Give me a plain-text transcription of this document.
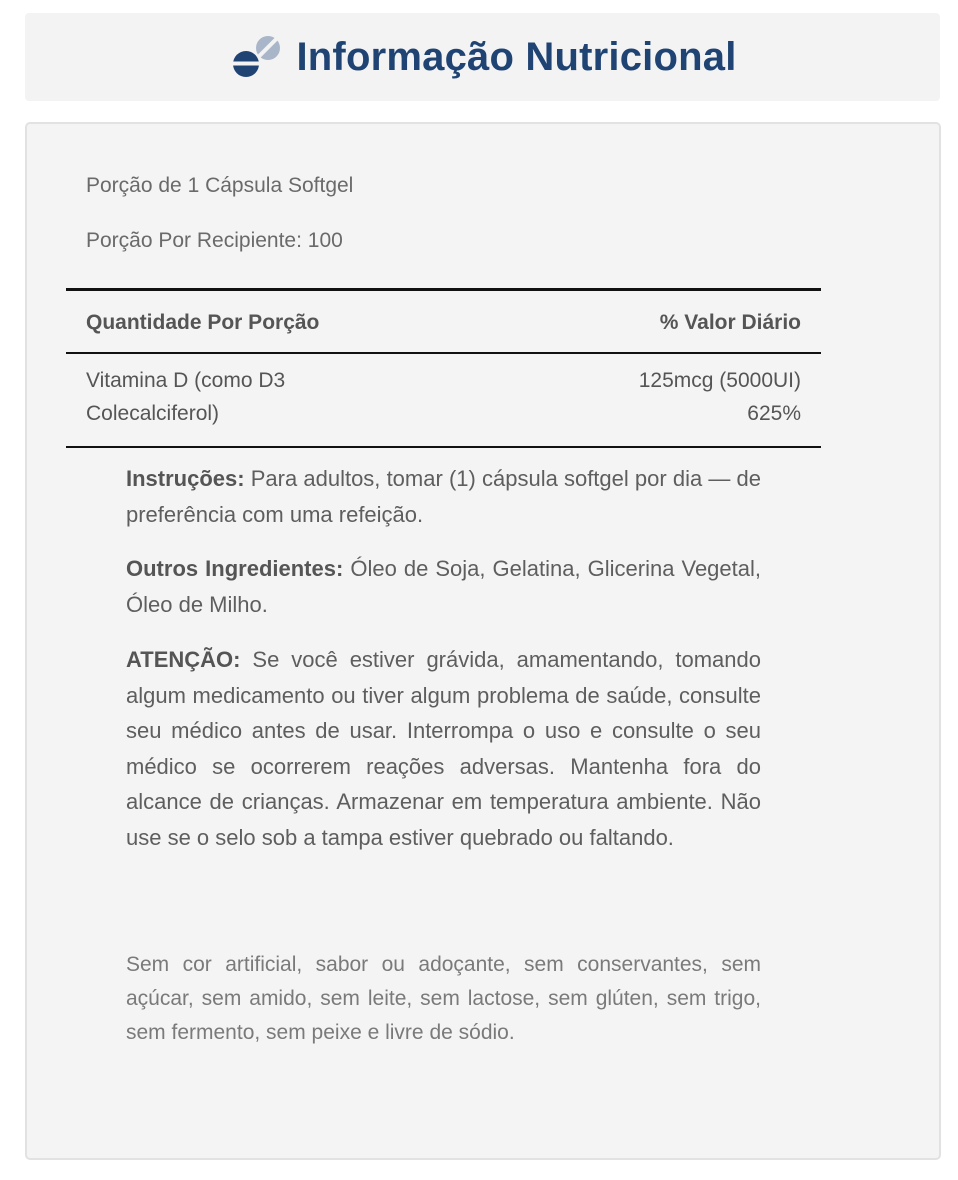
Informação Nutricional
Porção de 1 Cápsula Softgel
Porção Por Recipiente: 100
Quantidade Por Porção	% Valor Diário
Vitamina D (como D3
Colecalciferol)
125mcg (5000UI)
625%
Instruções: Para adultos, tomar (1) cápsula softgel por dia — de preferência com uma refeição.
Outros Ingredientes: Óleo de Soja, Gelatina, Glicerina Vegetal, Óleo de Milho.
ATENÇÃO: Se você estiver grávida, amamentando, tomando algum medicamento ou tiver algum problema de saúde, consulte seu médico antes de usar. Interrompa o uso e consulte o seu médico se ocorrerem reações adversas. Mantenha fora do alcance de crianças. Armazenar em temperatura ambiente. Não use se o selo sob a tampa estiver quebrado ou faltando.
Sem cor artificial, sabor ou adoçante, sem conservantes, sem açúcar, sem amido, sem leite, sem lactose, sem glúten, sem trigo, sem fermento, sem peixe e livre de sódio.
